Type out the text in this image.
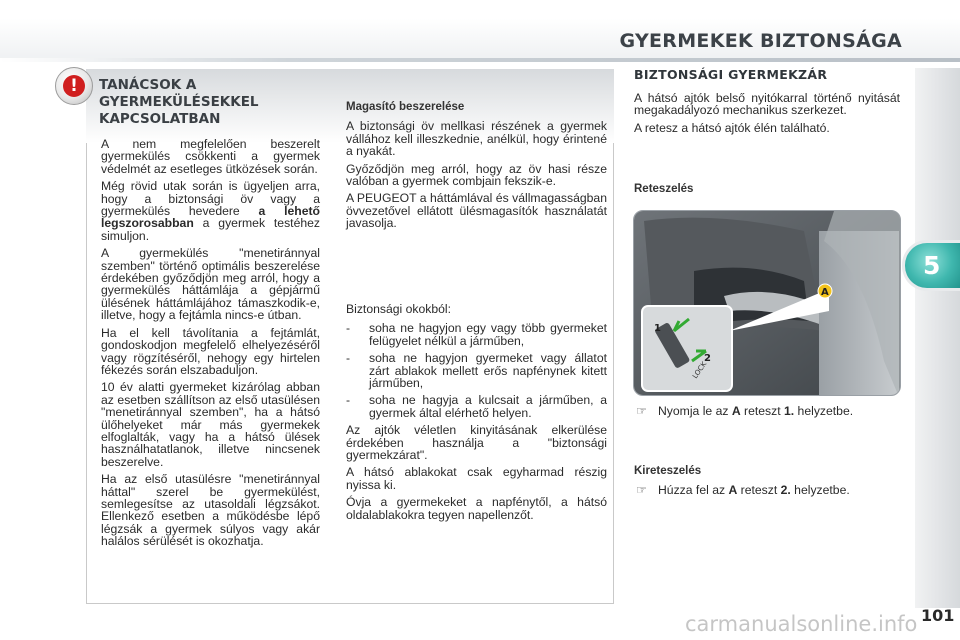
GYERMEKEK BIZTONSÁGA
5
!	TANÁCSOK A
GYERMEKÜLÉSEKKEL
KAPCSOLATBAN

A nem megfelelően beszerelt gyermekülés csökkenti a gyermek védelmét az esetleges ütközések során.

Még rövid utak során is ügyeljen arra, hogy a biztonsági öv vagy a gyermekülés hevedere a lehető legszorosabban a gyermek testéhez simuljon.

A gyermekülés "menetiránnyal szemben" történő optimális beszerelése érdekében győződjön meg arról, hogy a gyermekülés háttámlája a gépjármű ülésének háttámlájához támaszkodik-e, illetve, hogy a fejtámla nincs-e útban.

Ha el kell távolítania a fejtámlát, gondoskodjon megfelelő elhelyezéséről vagy rögzítéséről, nehogy egy hirtelen fékezés során elszabaduljon.

10 év alatti gyermeket kizárólag abban az esetben szállítson az első utasülésen "menetiránnyal szemben", ha a hátsó ülőhelyeket már más gyermekek elfoglalták, vagy ha a hátsó ülések használhatatlanok, illetve nincsenek beszerelve.

Ha az első utasülésre "menetiránnyal háttal" szerel be gyermekülést, semlegesítse az utasoldali légzsákot. Ellenkező esetben a működésbe lépő légzsák a gyermek súlyos vagy akár halálos sérülését is okozhatja.

Magasító beszerelése

A biztonsági öv mellkasi részének a gyermek vállához kell illeszkednie, anélkül, hogy érintené a nyakát.

Győződjön meg arról, hogy az öv hasi része valóban a gyermek combjain fekszik-e.

A PEUGEOT a háttámlával és vállmagasságban övvezetővel ellátott ülésmagasítók használatát javasolja.

Biztonsági okokból:

- soha ne hagyjon egy vagy több gyermeket felügyelet nélkül a járműben,
- soha ne hagyjon gyermeket vagy állatot zárt ablakok mellett erős napfénynek kitett járműben,
- soha ne hagyja a kulcsait a járműben, a gyermek által elérhető helyen.

Az ajtók véletlen kinyitásának elkerülése érdekében használja a "biztonsági gyermekzárat".

A hátsó ablakokat csak egyharmad részig nyissa ki.

Óvja a gyermekeket a napfénytől, a hátsó oldalablakokra tegyen napellenzőt.

BIZTONSÁGI GYERMEKZÁR

A hátsó ajtók belső nyitókarral történő nyitását megakadályozó mechanikus szerkezet.

A retesz a hátsó ajtók élén található.

Reteszelés
1
2
LOCK
A
☞ Nyomja le az A reteszt 1. helyzetbe.
Kireteszelés
☞ Húzza fel az A reteszt 2. helyzetbe.
carmanualsonline.info 101
